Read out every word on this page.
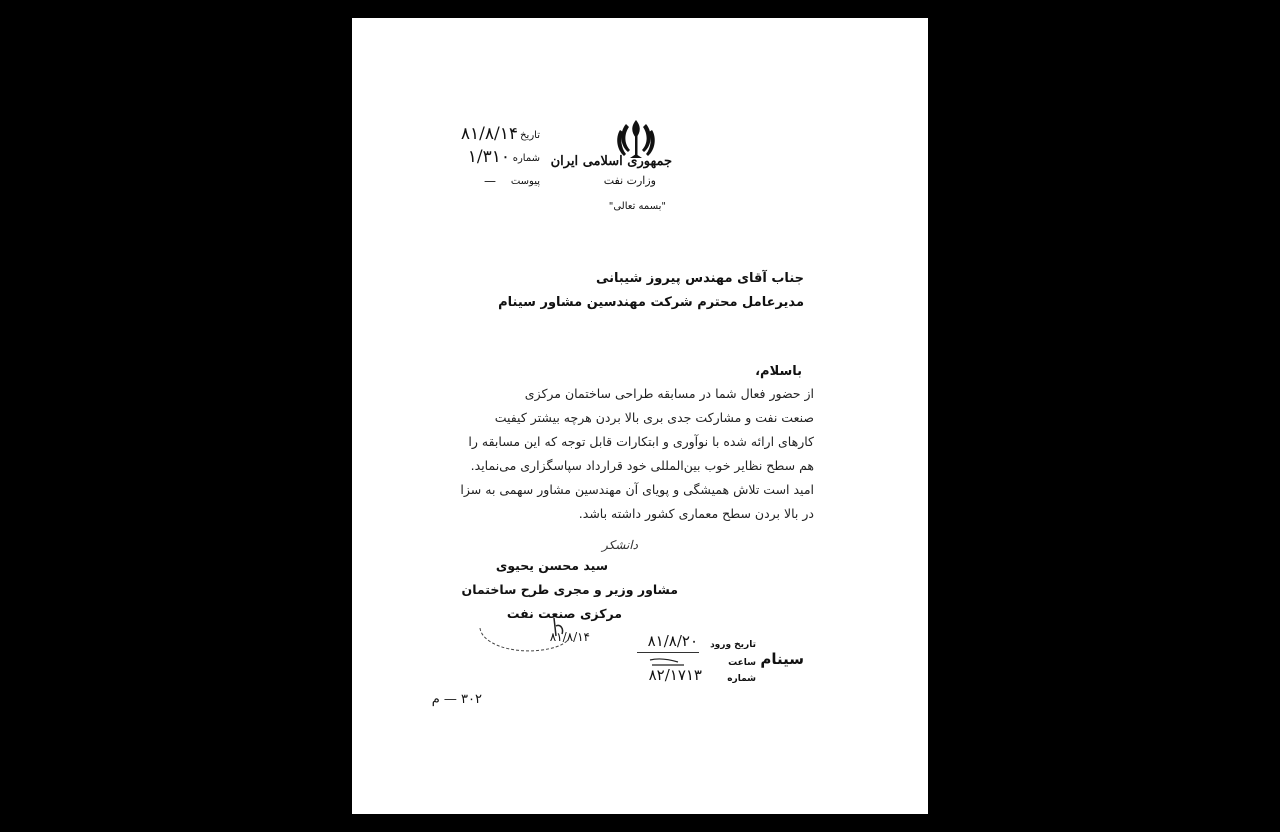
جمهوری اسلامی ایران
وزارت نفت
"بسمه تعالی"
تاریخ
۸۱/۸/۱۴
شماره
۱/۳۱۰
پیوست
—
جناب آقای مهندس پیروز شیبانی
مدیرعامل محترم شرکت مهندسین مشاور سینام
باسلام،
از حضور فعال شما در مسابقه طراحی ساختمان مرکزی
صنعت نفت و مشارکت جدی بری بالا بردن هرچه بیشتر کیفیت
کارهای ارائه شده با نوآوری و ابتکارات قابل توجه که این مسابقه را
هم سطح نظایر خوب بین‌المللی خود قرارداد سپاسگزاری می‌نماید.
امید است تلاش همیشگی و پویای آن مهندسین مشاور سهمی به سزا
در بالا بردن سطح معماری کشور داشته باشد.
دانشکر
سید محسن یحیوی
مشاور وزیر و مجری طرح ساختمان
مرکزی صنعت نفت
۸۱/۸/۱۴
سینام
تاریخ ورود
۸۱/۸/۲۰
ساعت
شماره
۸۲/۱۷۱۳
۳۰۲ — م
